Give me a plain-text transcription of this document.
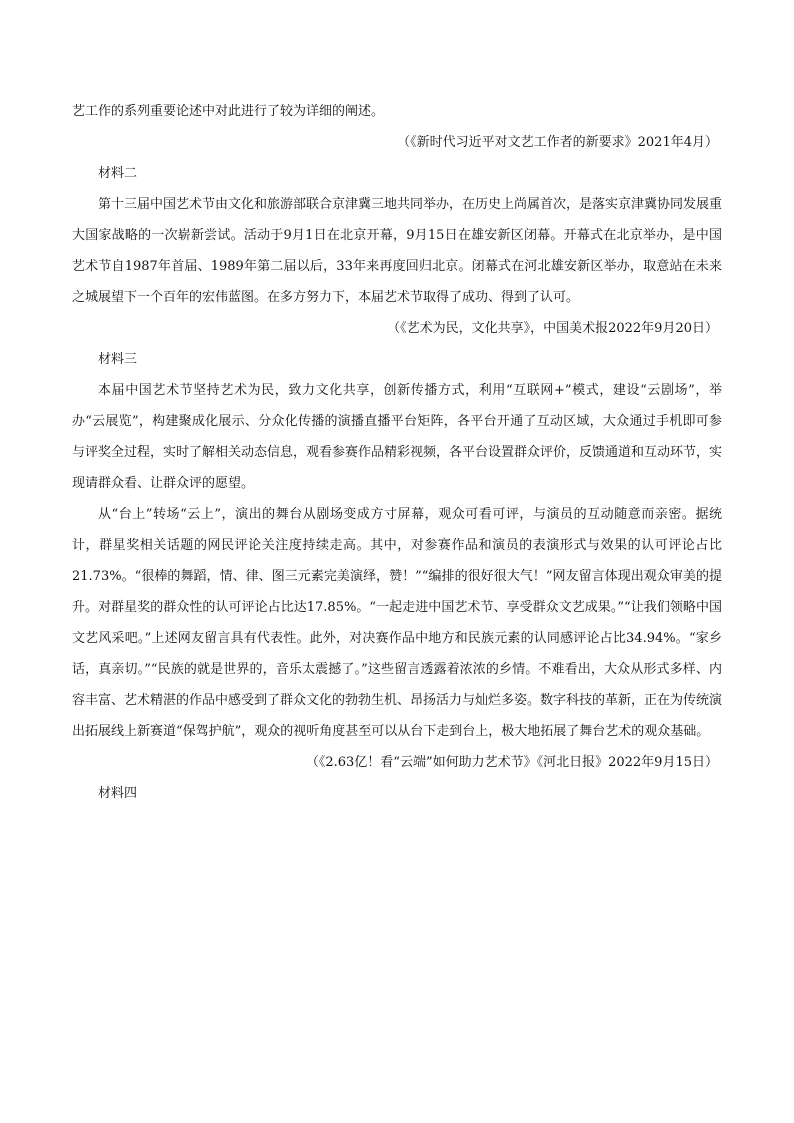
艺工作的系列重要论述中对此进行了较为详细的阐述。

（《新时代习近平对文艺工作者的新要求》2021年4月）

材料二

第十三届中国艺术节由文化和旅游部联合京津冀三地共同举办，在历史上尚属首次，是落实京津冀协同发展重大国家战略的一次崭新尝试。活动于9月1日在北京开幕，9月15日在雄安新区闭幕。开幕式在北京举办，是中国艺术节自1987年首届、1989年第二届以后，33年来再度回归北京。闭幕式在河北雄安新区举办，取意站在未来之城展望下一个百年的宏伟蓝图。在多方努力下，本届艺术节取得了成功、得到了认可。

（《艺术为民，文化共享》，中国美术报2022年9月20日）

材料三

本届中国艺术节坚持艺术为民，致力文化共享，创新传播方式，利用“互联网+”模式，建设“云剧场”，举办“云展览”，构建聚成化展示、分众化传播的演播直播平台矩阵，各平台开通了互动区域，大众通过手机即可参与评奖全过程，实时了解相关动态信息，观看参赛作品精彩视频，各平台设置群众评价，反馈通道和互动环节，实现请群众看、让群众评的愿望。

从“台上”转场“云上”，演出的舞台从剧场变成方寸屏幕，观众可看可评，与演员的互动随意而亲密。据统计，群星奖相关话题的网民评论关注度持续走高。其中，对参赛作品和演员的表演形式与效果的认可评论占比21.73%。“很棒的舞蹈，情、律、图三元素完美演绎，赞！”“编排的很好很大气！”网友留言体现出观众审美的提升。对群星奖的群众性的认可评论占比达17.85%。“一起走进中国艺术节、享受群众文艺成果。”“让我们领略中国文艺风采吧。”上述网友留言具有代表性。此外，对决赛作品中地方和民族元素的认同感评论占比34.94%。“家乡话，真亲切。”“民族的就是世界的，音乐太震撼了。”这些留言透露着浓浓的乡情。不难看出，大众从形式多样、内容丰富、艺术精湛的作品中感受到了群众文化的勃勃生机、昂扬活力与灿烂多姿。数字科技的革新，正在为传统演出拓展线上新赛道“保驾护航”，观众的视听角度甚至可以从台下走到台上，极大地拓展了舞台艺术的观众基础。

（《2.63亿！看“云端”如何助力艺术节》《河北日报》2022年9月15日）

材料四
